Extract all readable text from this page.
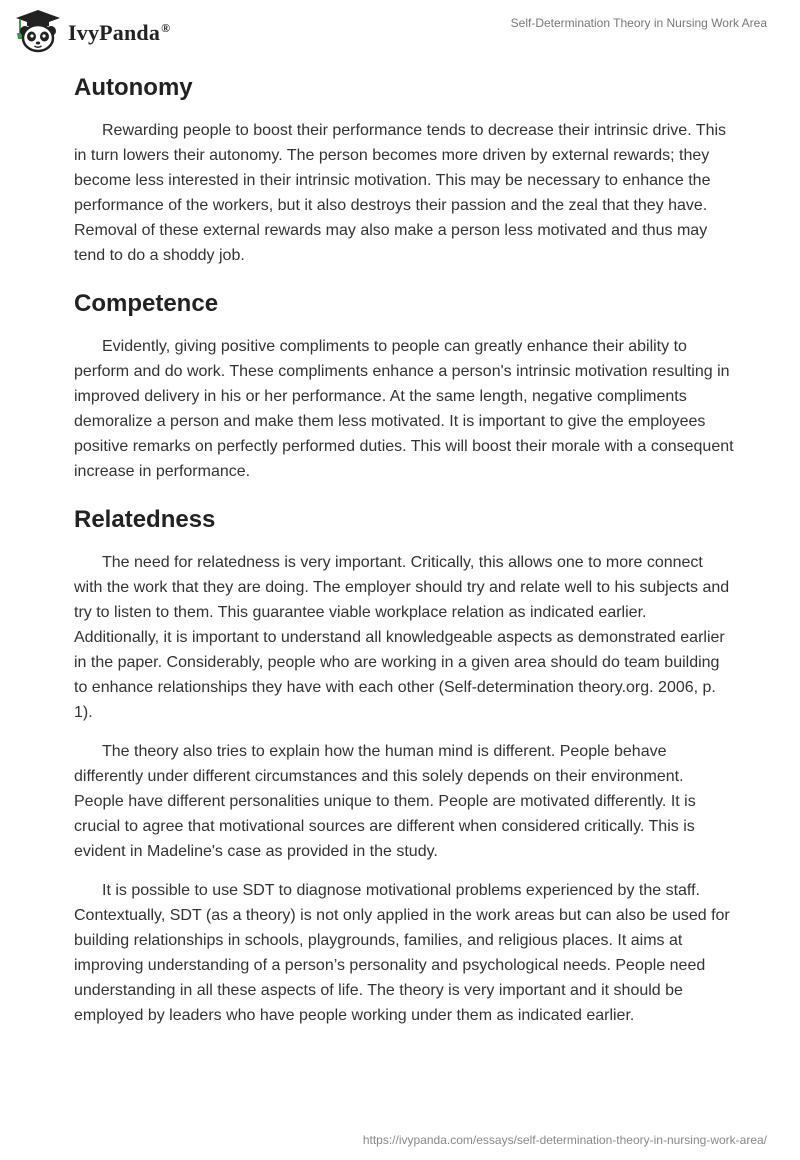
IvyPanda®	Self-Determination Theory in Nursing Work Area
Autonomy

Rewarding people to boost their performance tends to decrease their intrinsic drive. This in turn lowers their autonomy. The person becomes more driven by external rewards; they become less interested in their intrinsic motivation. This may be necessary to enhance the performance of the workers, but it also destroys their passion and the zeal that they have. Removal of these external rewards may also make a person less motivated and thus may tend to do a shoddy job.

Competence

Evidently, giving positive compliments to people can greatly enhance their ability to perform and do work. These compliments enhance a person's intrinsic motivation resulting in improved delivery in his or her performance. At the same length, negative compliments demoralize a person and make them less motivated. It is important to give the employees positive remarks on perfectly performed duties. This will boost their morale with a consequent increase in performance.

Relatedness

The need for relatedness is very important. Critically, this allows one to more connect with the work that they are doing. The employer should try and relate well to his subjects and try to listen to them. This guarantee viable workplace relation as indicated earlier. Additionally, it is important to understand all knowledgeable aspects as demonstrated earlier in the paper. Considerably, people who are working in a given area should do team building to enhance relationships they have with each other (Self-determination theory.org. 2006, p. 1).

The theory also tries to explain how the human mind is different. People behave differently under different circumstances and this solely depends on their environment. People have different personalities unique to them. People are motivated differently. It is crucial to agree that motivational sources are different when considered critically. This is evident in Madeline's case as provided in the study.

It is possible to use SDT to diagnose motivational problems experienced by the staff. Contextually, SDT (as a theory) is not only applied in the work areas but can also be used for building relationships in schools, playgrounds, families, and religious places. It aims at improving understanding of a person’s personality and psychological needs. People need understanding in all these aspects of life. The theory is very important and it should be employed by leaders who have people working under them as indicated earlier.

https://ivypanda.com/essays/self-determination-theory-in-nursing-work-area/
